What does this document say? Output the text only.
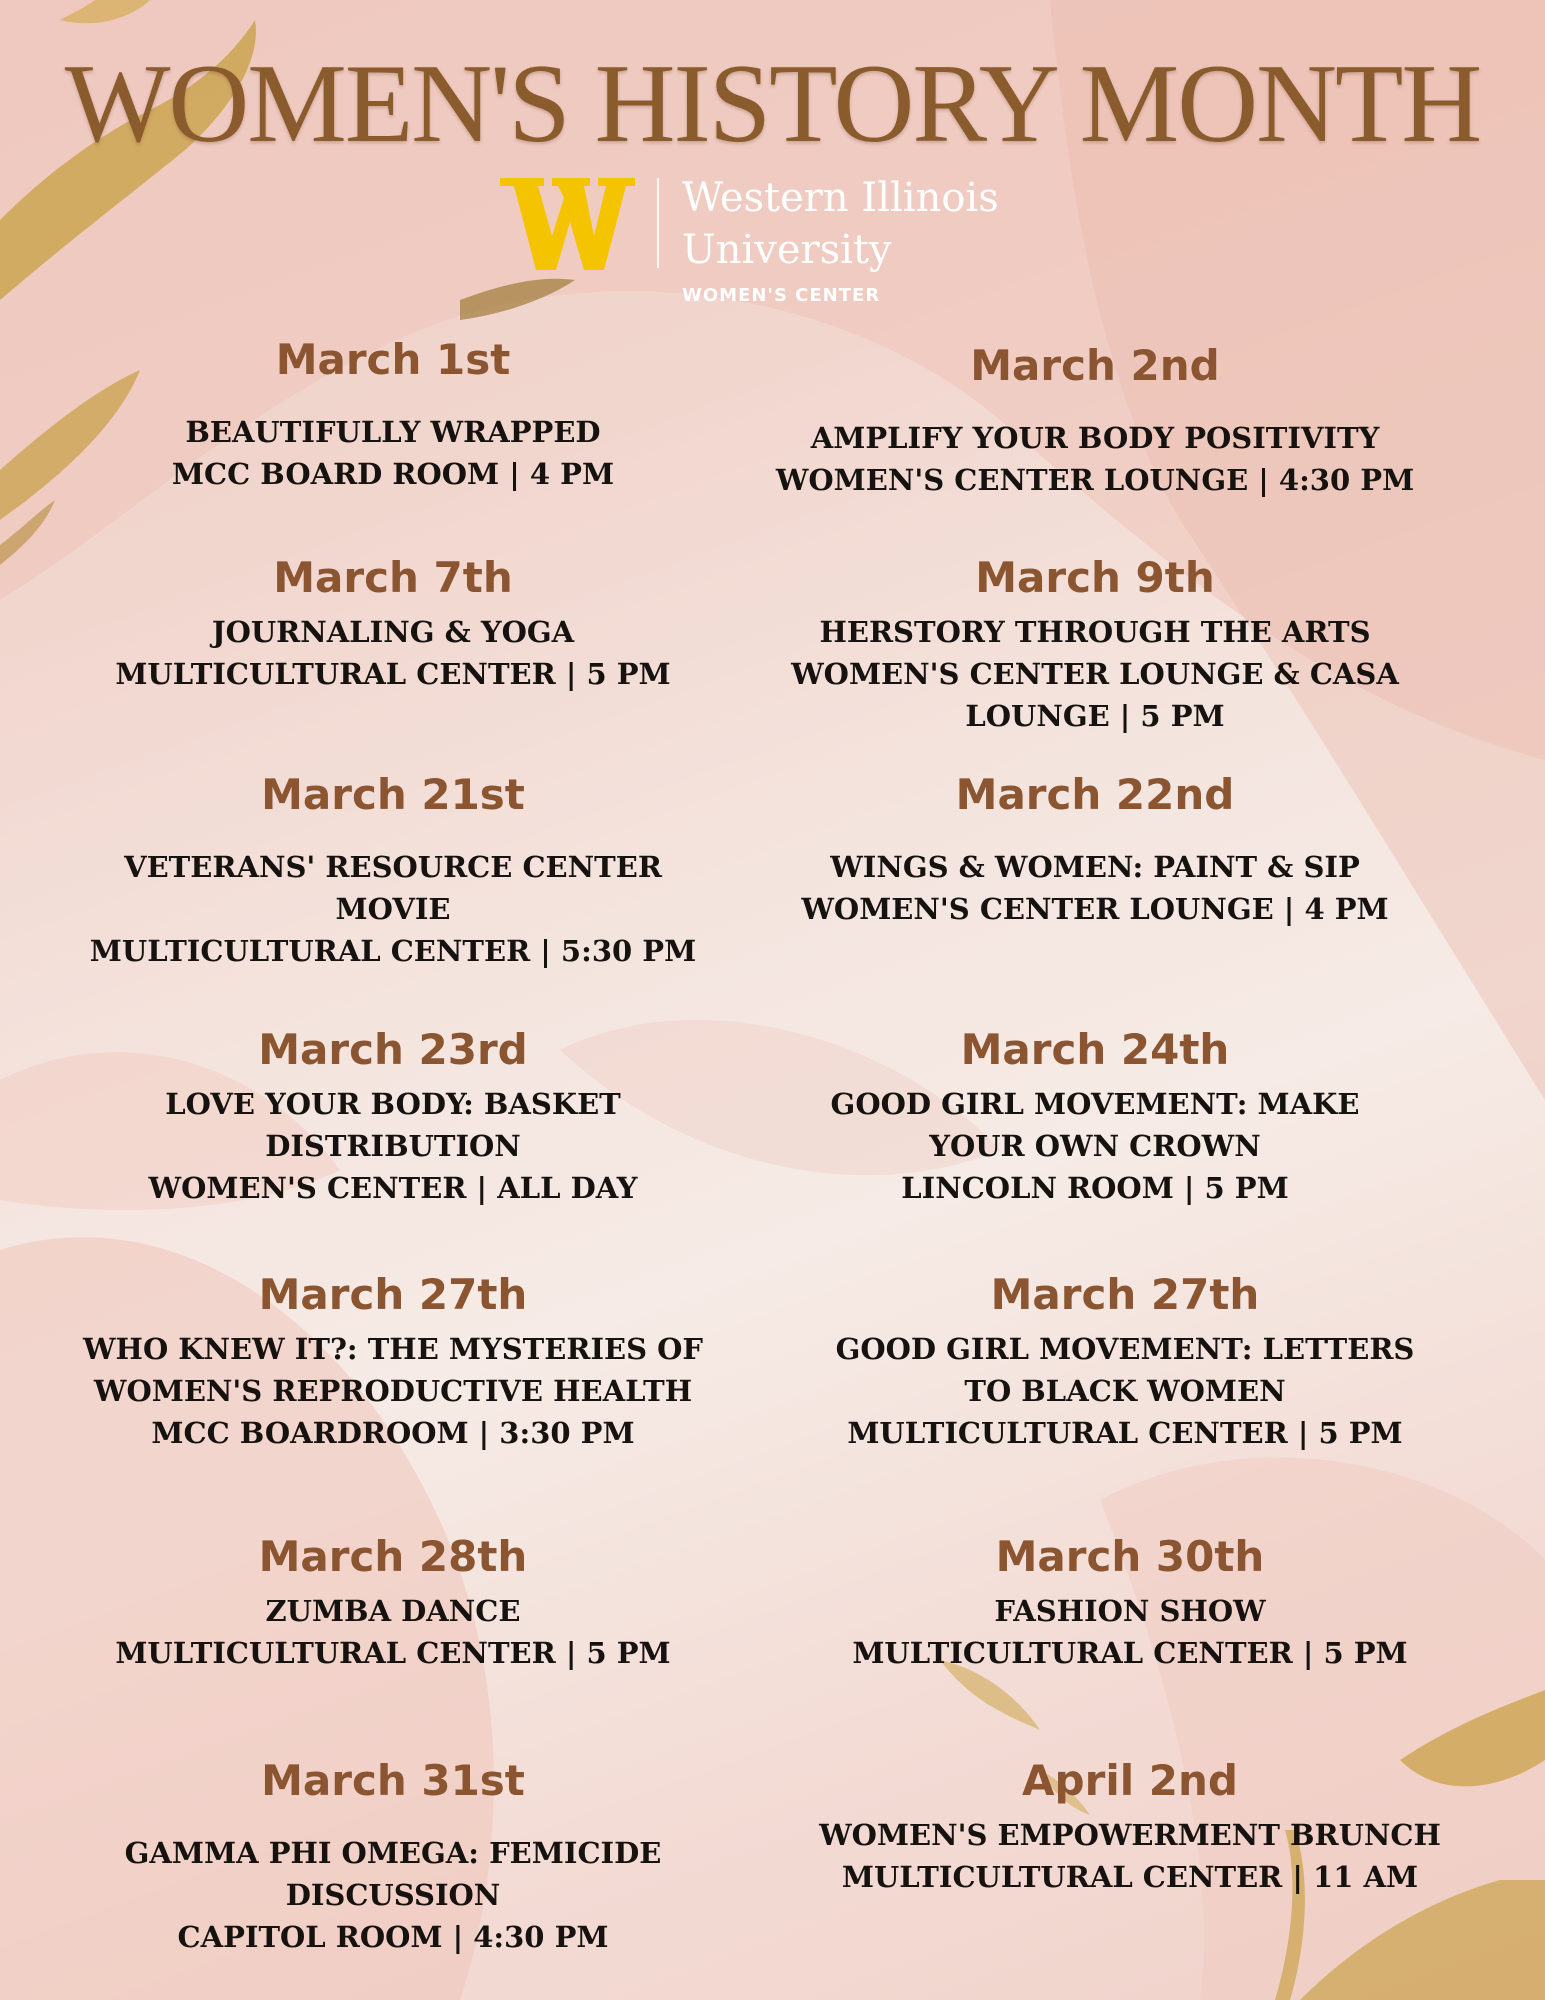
WOMEN'S HISTORY MONTH
Western Illinois
University
WOMEN'S CENTER
March 1st
BEAUTIFULLY WRAPPED
MCC BOARD ROOM | 4 PM
March 7th
JOURNALING & YOGA
MULTICULTURAL CENTER | 5 PM
March 21st
VETERANS' RESOURCE CENTER
MOVIE
MULTICULTURAL CENTER | 5:30 PM
March 23rd
LOVE YOUR BODY: BASKET
DISTRIBUTION
WOMEN'S CENTER | ALL DAY
March 27th
WHO KNEW IT?: THE MYSTERIES OF
WOMEN'S REPRODUCTIVE HEALTH
MCC BOARDROOM | 3:30 PM
March 28th
ZUMBA DANCE
MULTICULTURAL CENTER | 5 PM
March 31st
GAMMA PHI OMEGA: FEMICIDE
DISCUSSION
CAPITOL ROOM | 4:30 PM
March 2nd
AMPLIFY YOUR BODY POSITIVITY
WOMEN'S CENTER LOUNGE | 4:30 PM
March 9th
HERSTORY THROUGH THE ARTS
WOMEN'S CENTER LOUNGE & CASA
LOUNGE | 5 PM
March 22nd
WINGS & WOMEN: PAINT & SIP
WOMEN'S CENTER LOUNGE | 4 PM
March 24th
GOOD GIRL MOVEMENT: MAKE
YOUR OWN CROWN
LINCOLN ROOM | 5 PM
March 27th
GOOD GIRL MOVEMENT: LETTERS
TO BLACK WOMEN
MULTICULTURAL CENTER | 5 PM
March 30th
FASHION SHOW
MULTICULTURAL CENTER | 5 PM
April 2nd
WOMEN'S EMPOWERMENT BRUNCH
MULTICULTURAL CENTER | 11 AM
